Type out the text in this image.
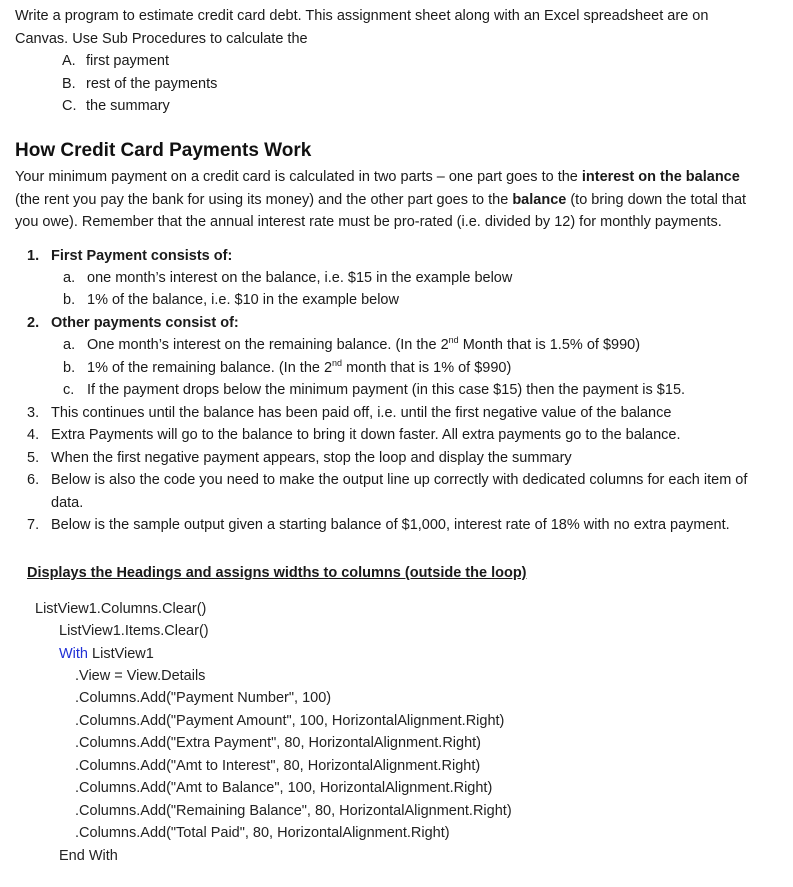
Write a program to estimate credit card debt. This assignment sheet along with an Excel spreadsheet are on
Canvas. Use Sub Procedures to calculate the
A. first payment
B. rest of the payments
C. the summary
How Credit Card Payments Work
Your minimum payment on a credit card is calculated in two parts – one part goes to the interest on the balance
(the rent you pay the bank for using its money) and the other part goes to the balance (to bring down the total that
you owe). Remember that the annual interest rate must be pro-rated (i.e. divided by 12) for monthly payments.
1. First Payment consists of:
a. one month’s interest on the balance, i.e. $15 in the example below
b. 1% of the balance, i.e. $10 in the example below
2. Other payments consist of:
a. One month’s interest on the remaining balance. (In the 2nd Month that is 1.5% of $990)
b. 1% of the remaining balance. (In the 2nd month that is 1% of $990)
c. If the payment drops below the minimum payment (in this case $15) then the payment is $15.
3. This continues until the balance has been paid off, i.e. until the first negative value of the balance
4. Extra Payments will go to the balance to bring it down faster. All extra payments go to the balance.
5. When the first negative payment appears, stop the loop and display the summary
6. Below is also the code you need to make the output line up correctly with dedicated columns for each item of
data.
7. Below is the sample output given a starting balance of $1,000, interest rate of 18% with no extra payment.
Displays the Headings and assigns widths to columns (outside the loop)
ListView1.Columns.Clear()
ListView1.Items.Clear()
With ListView1
.View = View.Details
.Columns.Add("Payment Number", 100)
.Columns.Add("Payment Amount", 100, HorizontalAlignment.Right)
.Columns.Add("Extra Payment", 80, HorizontalAlignment.Right)
.Columns.Add("Amt to Interest", 80, HorizontalAlignment.Right)
.Columns.Add("Amt to Balance", 100, HorizontalAlignment.Right)
.Columns.Add("Remaining Balance", 80, HorizontalAlignment.Right)
.Columns.Add("Total Paid", 80, HorizontalAlignment.Right)
End With
